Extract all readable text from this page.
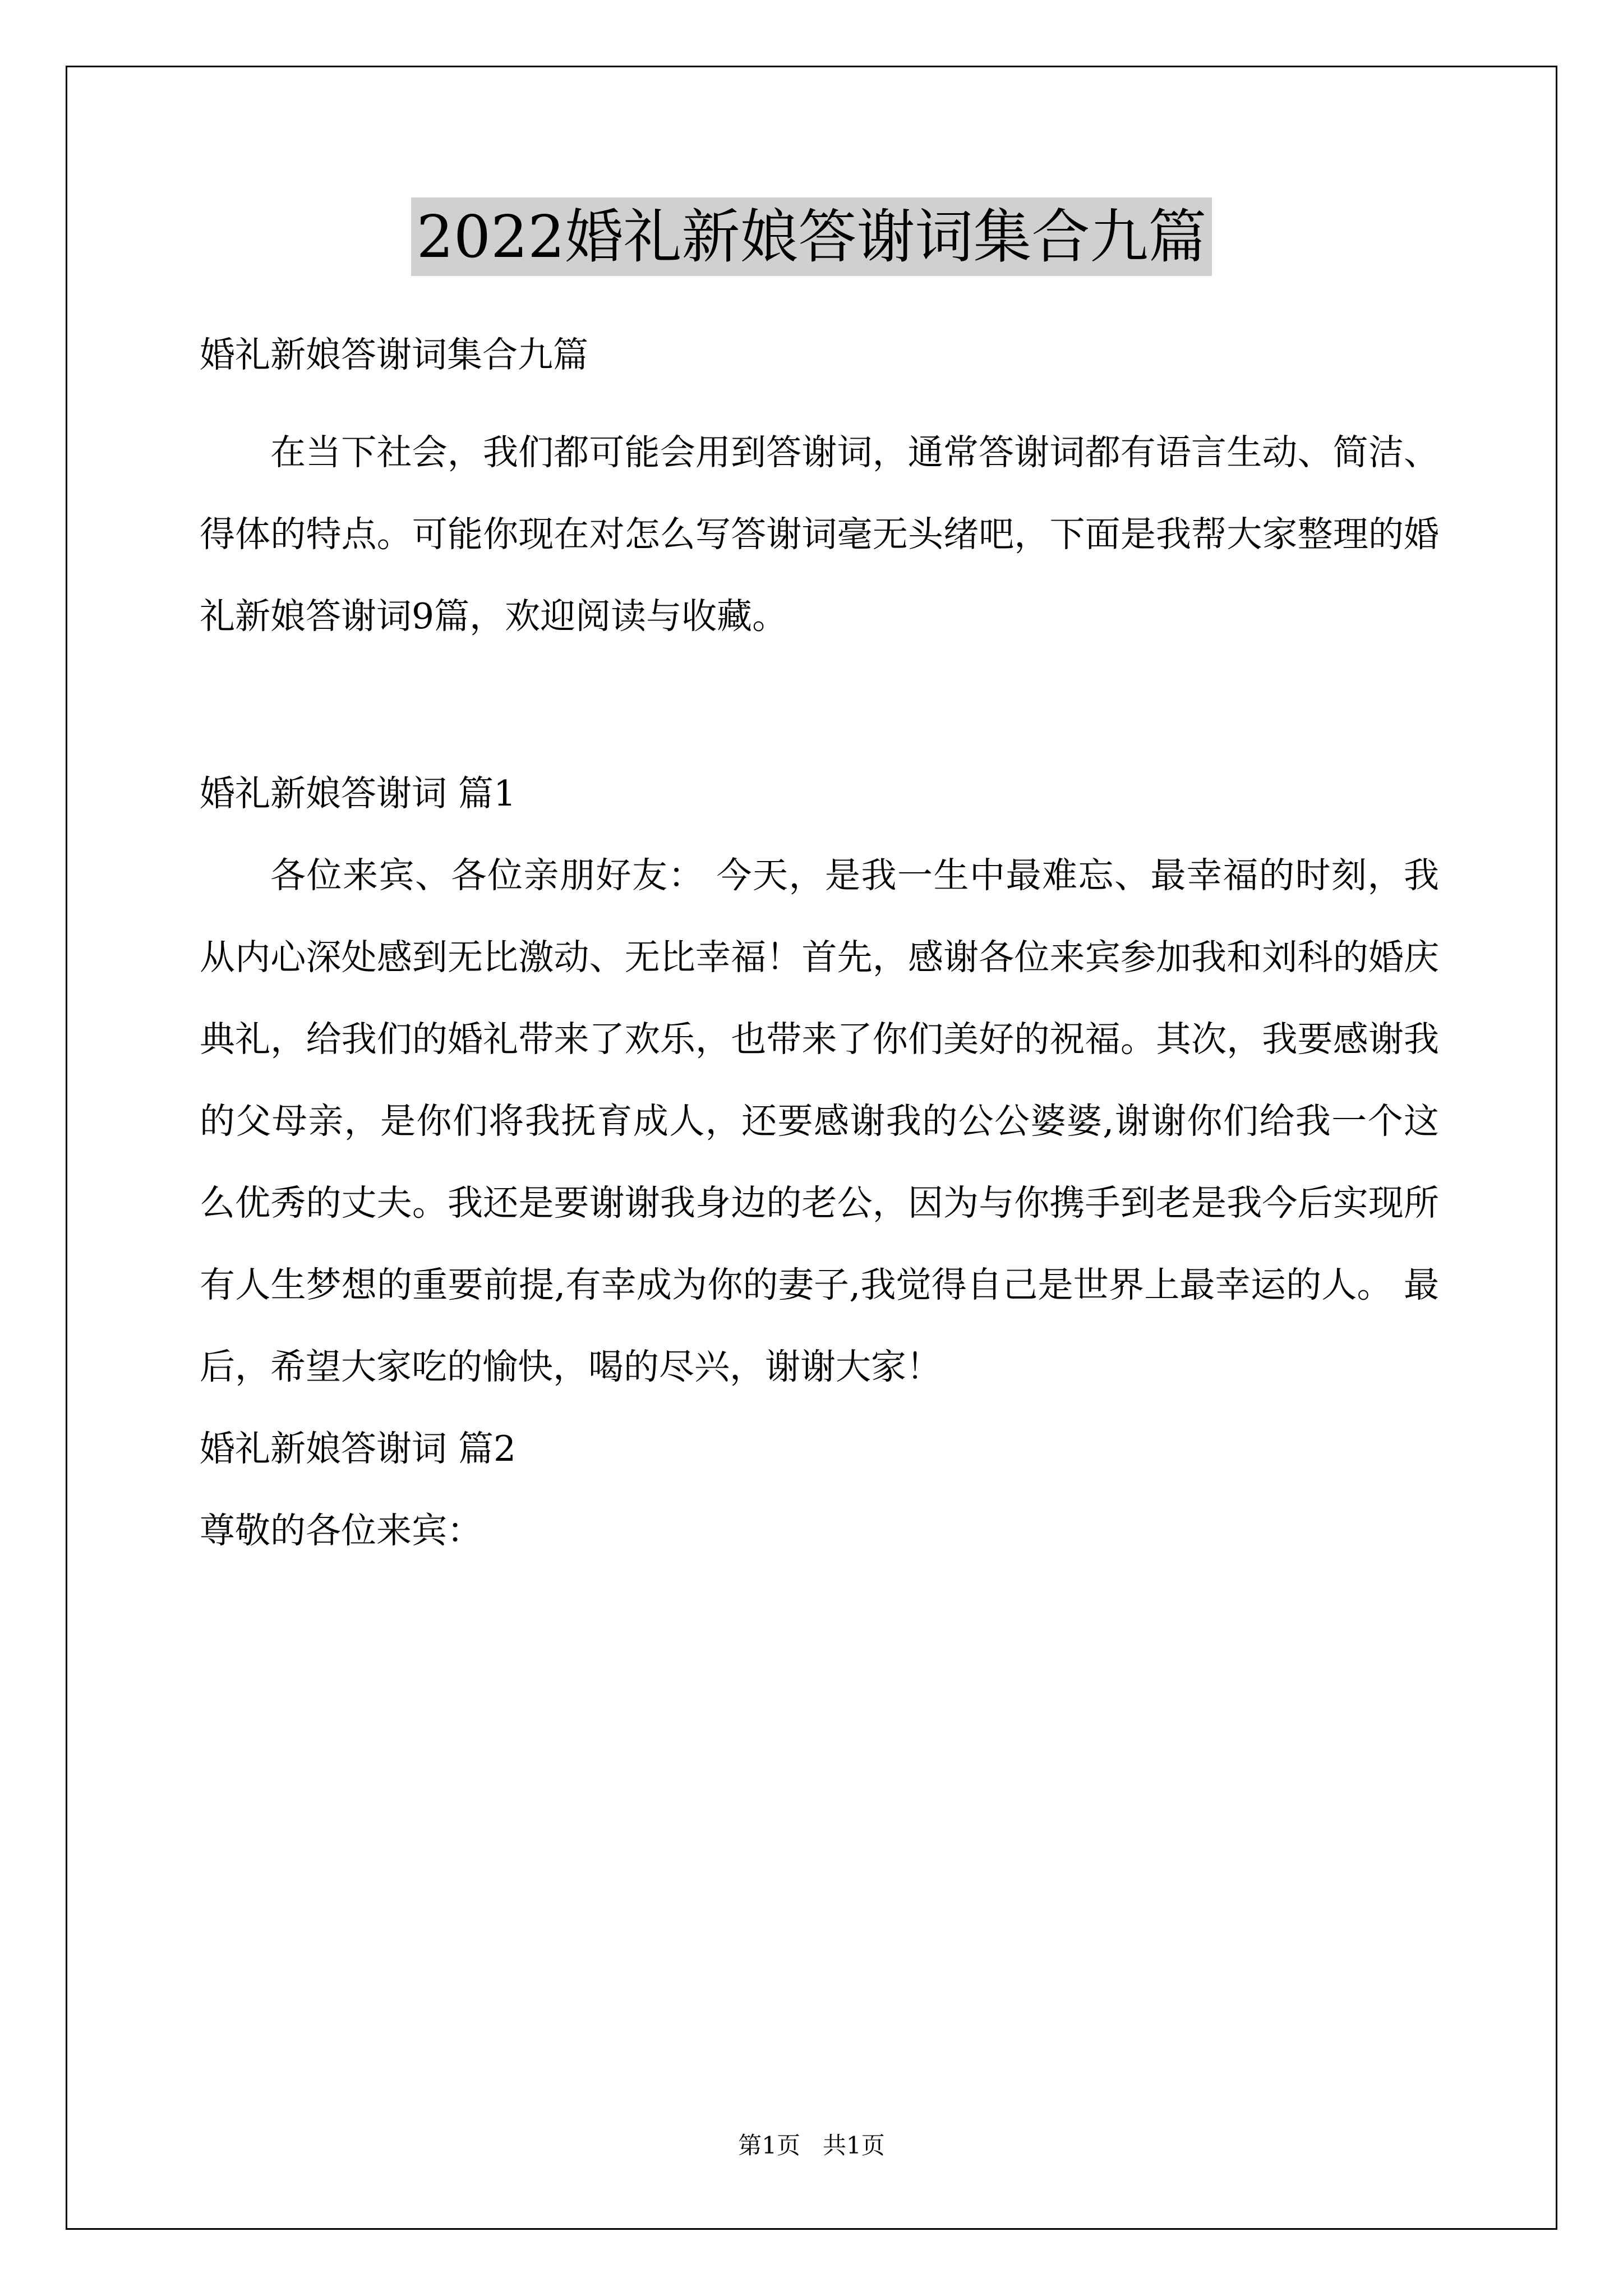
2022婚礼新娘答谢词集合九篇

婚礼新娘答谢词集合九篇

在当下社会，我们都可能会用到答谢词，通常答谢词都有语言生动、简洁、得体的特点。可能你现在对怎么写答谢词毫无头绪吧，下面是我帮大家整理的婚礼新娘答谢词9篇，欢迎阅读与收藏。

婚礼新娘答谢词 篇1

各位来宾、各位亲朋好友： 今天，是我一生中最难忘、最幸福的时刻，我从内心深处感到无比激动、无比幸福！首先，感谢各位来宾参加我和刘科的婚庆典礼，给我们的婚礼带来了欢乐，也带来了你们美好的祝福。其次，我要感谢我的父母亲，是你们将我抚育成人，还要感谢我的公公婆婆,谢谢你们给我一个这么优秀的丈夫。我还是要谢谢我身边的老公，因为与你携手到老是我今后实现所有人生梦想的重要前提,有幸成为你的妻子,我觉得自己是世界上最幸运的人。 最后，希望大家吃的愉快，喝的尽兴，谢谢大家！

婚礼新娘答谢词 篇2

尊敬的各位来宾：

第1页   共1页
